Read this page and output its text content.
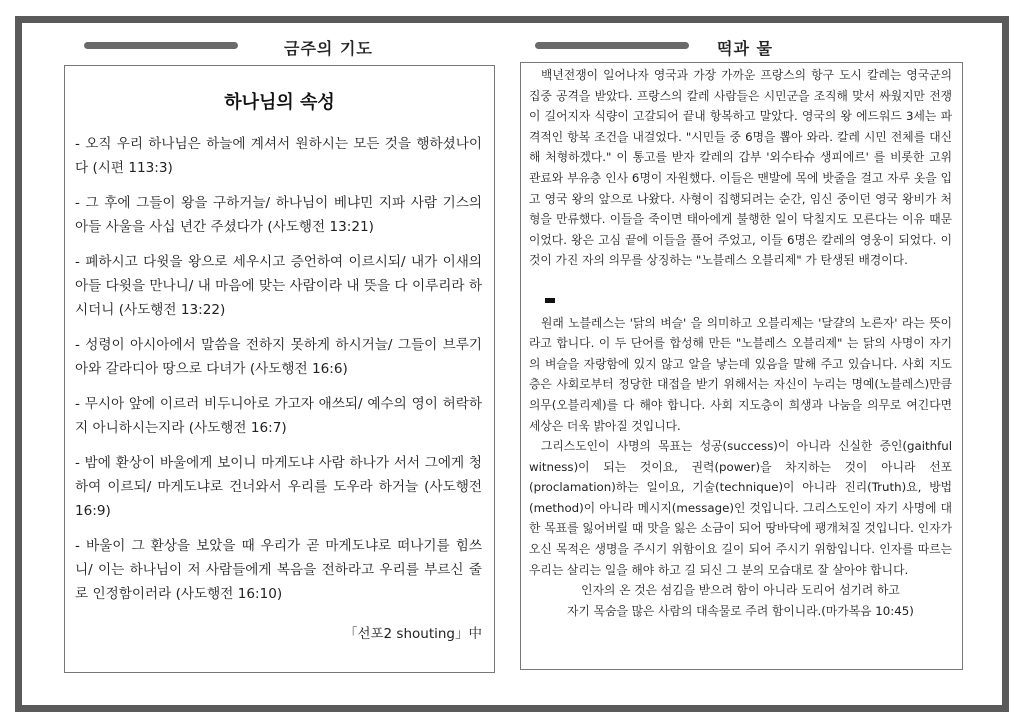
금주의 기도	떡과 물
하나님의 속성
- 오직 우리 하나님은 하늘에 계셔서 원하시는 모든 것을 행하셨나이다 (시편 113:3)
- 그 후에 그들이 왕을 구하거늘/ 하나님이 베냐민 지파 사람 기스의 아들 사울을 사십 년간 주셨다가 (사도행전 13:21)
- 폐하시고 다윗을 왕으로 세우시고 증언하여 이르시되/ 내가 이새의 아들 다윗을 만나니/ 내 마음에 맞는 사람이라 내 뜻을 다 이루리라 하시더니 (사도행전 13:22)
- 성령이 아시아에서 말씀을 전하지 못하게 하시거늘/ 그들이 브루기아와 갈라디아 땅으로 다녀가 (사도행전 16:6)
- 무시아 앞에 이르러 비두니아로 가고자 애쓰되/ 예수의 영이 허락하지 아니하시는지라 (사도행전 16:7)
- 밤에 환상이 바울에게 보이니 마게도냐 사람 하나가 서서 그에게 청하여 이르되/ 마게도냐로 건너와서 우리를 도우라 하거늘 (사도행전 16:9)
- 바울이 그 환상을 보았을 때 우리가 곧 마게도냐로 떠나기를 힘쓰니/ 이는 하나님이 저 사람들에게 복음을 전하라고 우리를 부르신 줄로 인정함이러라 (사도행전 16:10)
「선포2 shouting」中

백년전쟁이 일어나자 영국과 가장 가까운 프랑스의 항구 도시 칼레는 영국군의 집중 공격을 받았다. 프랑스의 칼레 사람들은 시민군을 조직해 맞서 싸웠지만 전쟁이 길어지자 식량이 고갈되어 끝내 항복하고 말았다. 영국의 왕 에드워드 3세는 파격적인 항복 조건을 내걸었다. "시민들 중 6명을 뽑아 와라. 칼레 시민 전체를 대신해 처형하겠다." 이 통고를 받자 칼레의 갑부 '외수타슈 생피에르' 를 비롯한 고위 관료와 부유층 인사 6명이 자원했다. 이들은 맨발에 목에 밧줄을 걸고 자루 옷을 입고 영국 왕의 앞으로 나왔다. 사형이 집행되려는 순간, 임신 중이던 영국 왕비가 처형을 만류했다. 이들을 죽이면 태아에게 불행한 일이 닥칠지도 모른다는 이유 때문이었다. 왕은 고심 끝에 이들을 풀어 주었고, 이들 6명은 칼레의 영웅이 되었다. 이것이 가진 자의 의무를 상징하는 "노블레스 오블리제" 가 탄생된 배경이다.

원래 노블레스는 '닭의 벼슬' 을 의미하고 오블리제는 '달걀의 노른자' 라는 뜻이라고 합니다. 이 두 단어를 합성해 만든 "노블레스 오블리제" 는 닭의 사명이 자기의 벼슬을 자랑함에 있지 않고 알을 낳는데 있음을 말해 주고 있습니다. 사회 지도층은 사회로부터 정당한 대접을 받기 위해서는 자신이 누리는 명예(노블레스)만큼 의무(오블리제)를 다 해야 합니다. 사회 지도층이 희생과 나눔을 의무로 여긴다면 세상은 더욱 밝아질 것입니다.

그리스도인이 사명의 목표는 성공(success)이 아니라 신실한 증인(gaithful witness)이 되는 것이요, 권력(power)을 차지하는 것이 아니라 선포(proclamation)하는 일이요, 기술(technique)이 아니라 진리(Truth)요, 방법(method)이 아니라 메시지(message)인 것입니다. 그리스도인이 자기 사명에 대한 목표를 잃어버릴 때 맛을 잃은 소금이 되어 땅바닥에 팽개쳐질 것입니다. 인자가 오신 목적은 생명을 주시기 위함이요 길이 되어 주시기 위함입니다. 인자를 따르는 우리는 살리는 일을 해야 하고 길 되신 그 분의 모습대로 잘 살아야 합니다.

인자의 온 것은 섬김을 받으려 함이 아니라 도리어 섬기려 하고

자기 목숨을 많은 사람의 대속물로 주려 함이니라.(마가복음 10:45)
